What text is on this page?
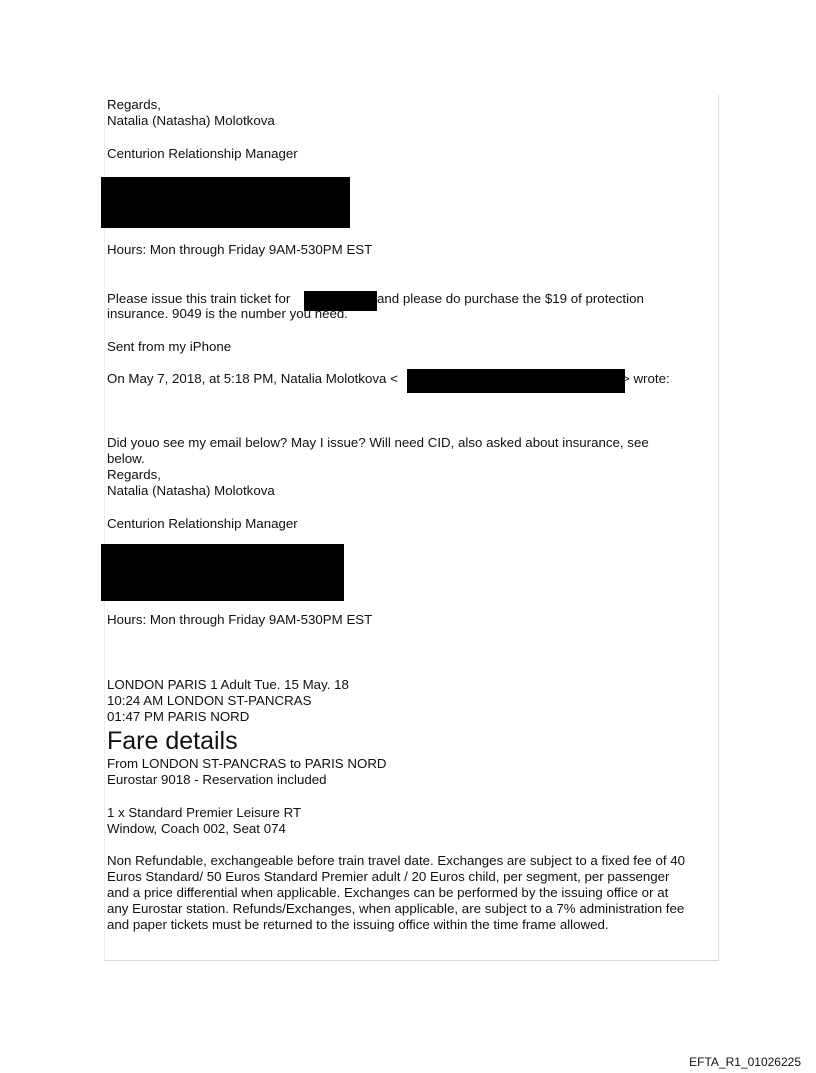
Regards,
Natalia (Natasha) Molotkova
Centurion Relationship Manager
Hours: Mon through Friday 9AM-530PM EST
Please issue this train ticket for	and please do purchase the $19 of protection
insurance. 9049 is the number you need.
Sent from my iPhone
On May 7, 2018, at 5:18 PM, Natalia Molotkova <	> wrote:
Did youo see my email below? May I issue? Will need CID, also asked about insurance, see
below.
Regards,
Natalia (Natasha) Molotkova
Centurion Relationship Manager
Hours: Mon through Friday 9AM-530PM EST
LONDON PARIS 1 Adult Tue. 15 May. 18
10:24 AM LONDON ST-PANCRAS
01:47 PM PARIS NORD
Fare details
From LONDON ST-PANCRAS to PARIS NORD
Eurostar 9018 - Reservation included
1 x Standard Premier Leisure RT
Window, Coach 002, Seat 074
Non Refundable, exchangeable before train travel date. Exchanges are subject to a fixed fee of 40
Euros Standard/ 50 Euros Standard Premier adult / 20 Euros child, per segment, per passenger
and a price differential when applicable. Exchanges can be performed by the issuing office or at
any Eurostar station. Refunds/Exchanges, when applicable, are subject to a 7% administration fee
and paper tickets must be returned to the issuing office within the time frame allowed.
EFTA_R1_01026225
